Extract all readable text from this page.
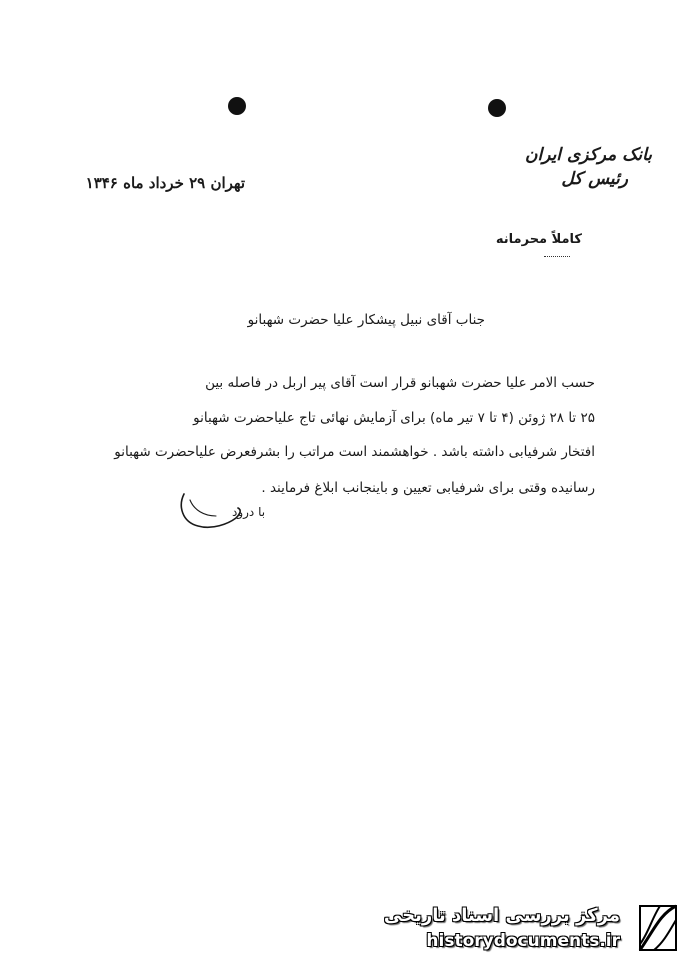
بانک مرکزی ایران
رئیس کل
تهران ۲۹ خرداد ماه ۱۳۴۶
کاملاً محرمانه
جناب آقای نبیل پیشکار علیا حضرت شهبانو
حسب الامر علیا حضرت شهبانو قرار است آقای پیر اربل در فاصله بین
۲۵ تا ۲۸ ژوئن (۴ تا ۷ تیر ماه) برای آزمایش نهائی تاج علیاحضرت شهبانو
افتخار شرفیابی داشته باشد . خواهشمند است مراتب را بشرفعرض علیاحضرت شهبانو
رسانیده وقتی برای شرفیابی تعیین و باینجانب ابلاغ فرمایند .
با درود
مرکز بررسی اسناد تاریخی
historydocuments.ir
